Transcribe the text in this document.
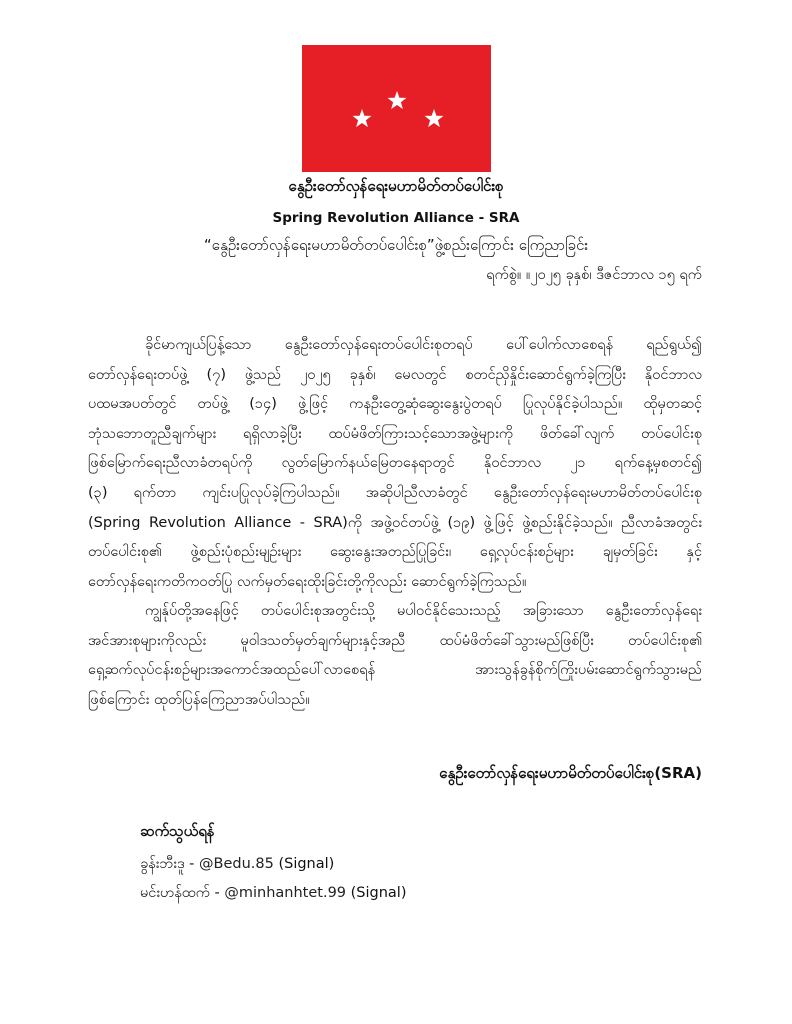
နွေဦးတော်လှန်ရေးမဟာမိတ်တပ်ပေါင်းစု
Spring Revolution Alliance - SRA
“နွေဦးတော်လှန်ရေးမဟာမိတ်တပ်ပေါင်းစု”ဖွဲ့စည်းကြောင်း ကြေညာခြင်း
ရက်စွဲ။ ။၂၀၂၅ ခုနှစ်၊ ဒီဇင်ဘာလ ၁၅ ရက်
ခိုင်မာကျယ်ပြန့်သော နွေဦးတော်လှန်ရေးတပ်ပေါင်းစုတရပ် ပေါ်ပေါက်လာစေရန် ရည်ရွယ်၍
တော်လှန်ရေးတပ်ဖွဲ့ (၇) ဖွဲ့သည် ၂၀၂၅ ခုနှစ်၊ မေလတွင် စတင်ညှိနှိုင်းဆောင်ရွက်ခဲ့ကြပြီး နိုဝင်ဘာလ
ပထမအပတ်တွင် တပ်ဖွဲ့ (၁၄) ဖွဲ့ဖြင့် ကနဦးတွေ့ဆုံဆွေးနွေးပွဲတရပ် ပြုလုပ်နိုင်ခဲ့ပါသည်။ ထိုမှတဆင့်
ဘုံသဘောတူညီချက်များ ရရှိလာခဲ့ပြီး ထပ်မံဖိတ်ကြားသင့်သောအဖွဲ့များကို ဖိတ်ခေါ်လျက် တပ်ပေါင်းစု
ဖြစ်မြောက်ရေးညီလာခံတရပ်ကို လွတ်မြောက်နယ်မြေတနေရာတွင် နိုဝင်ဘာလ ၂၁ ရက်နေ့မှစတင်၍
(၃) ရက်တာ ကျင်းပပြုလုပ်ခဲ့ကြပါသည်။ အဆိုပါညီလာခံတွင် နွေဦးတော်လှန်ရေးမဟာမိတ်တပ်ပေါင်းစု
(Spring Revolution Alliance - SRA)ကို အဖွဲ့ဝင်တပ်ဖွဲ့ (၁၉) ဖွဲ့ဖြင့် ဖွဲ့စည်းနိုင်ခဲ့သည်။ ညီလာခံအတွင်း
တပ်ပေါင်းစု၏ ဖွဲ့စည်းပုံစည်းမျဉ်းများ ဆွေးနွေးအတည်ပြုခြင်း၊ ရှေ့လုပ်ငန်းစဉ်များ ချမှတ်ခြင်း နှင့်
တော်လှန်ရေးကတိကဝတ်ပြု လက်မှတ်ရေးထိုးခြင်းတို့ကိုလည်း ဆောင်ရွက်ခဲ့ကြသည်။
ကျွန်ုပ်တို့အနေဖြင့် တပ်ပေါင်းစုအတွင်းသို့ မပါဝင်နိုင်သေးသည့် အခြားသော နွေဦးတော်လှန်ရေး
အင်အားစုများကိုလည်း မူဝါဒသတ်မှတ်ချက်များနှင့်အညီ ထပ်မံဖိတ်ခေါ်သွားမည်ဖြစ်ပြီး တပ်ပေါင်းစု၏
ရှေ့ဆက်လုပ်ငန်းစဉ်များအကောင်အထည်ပေါ်လာစေရန် အားသွန်ခွန်စိုက်ကြိုးပမ်းဆောင်ရွက်သွားမည်
ဖြစ်ကြောင်း ထုတ်ပြန်ကြေညာအပ်ပါသည်။
နွေဦးတော်လှန်ရေးမဟာမိတ်တပ်ပေါင်းစု(SRA)
ဆက်သွယ်ရန်
ခွန်းဘီးဒူ - @Bedu.85 (Signal)
မင်းဟန်ထက် - @minhanhtet.99 (Signal)
